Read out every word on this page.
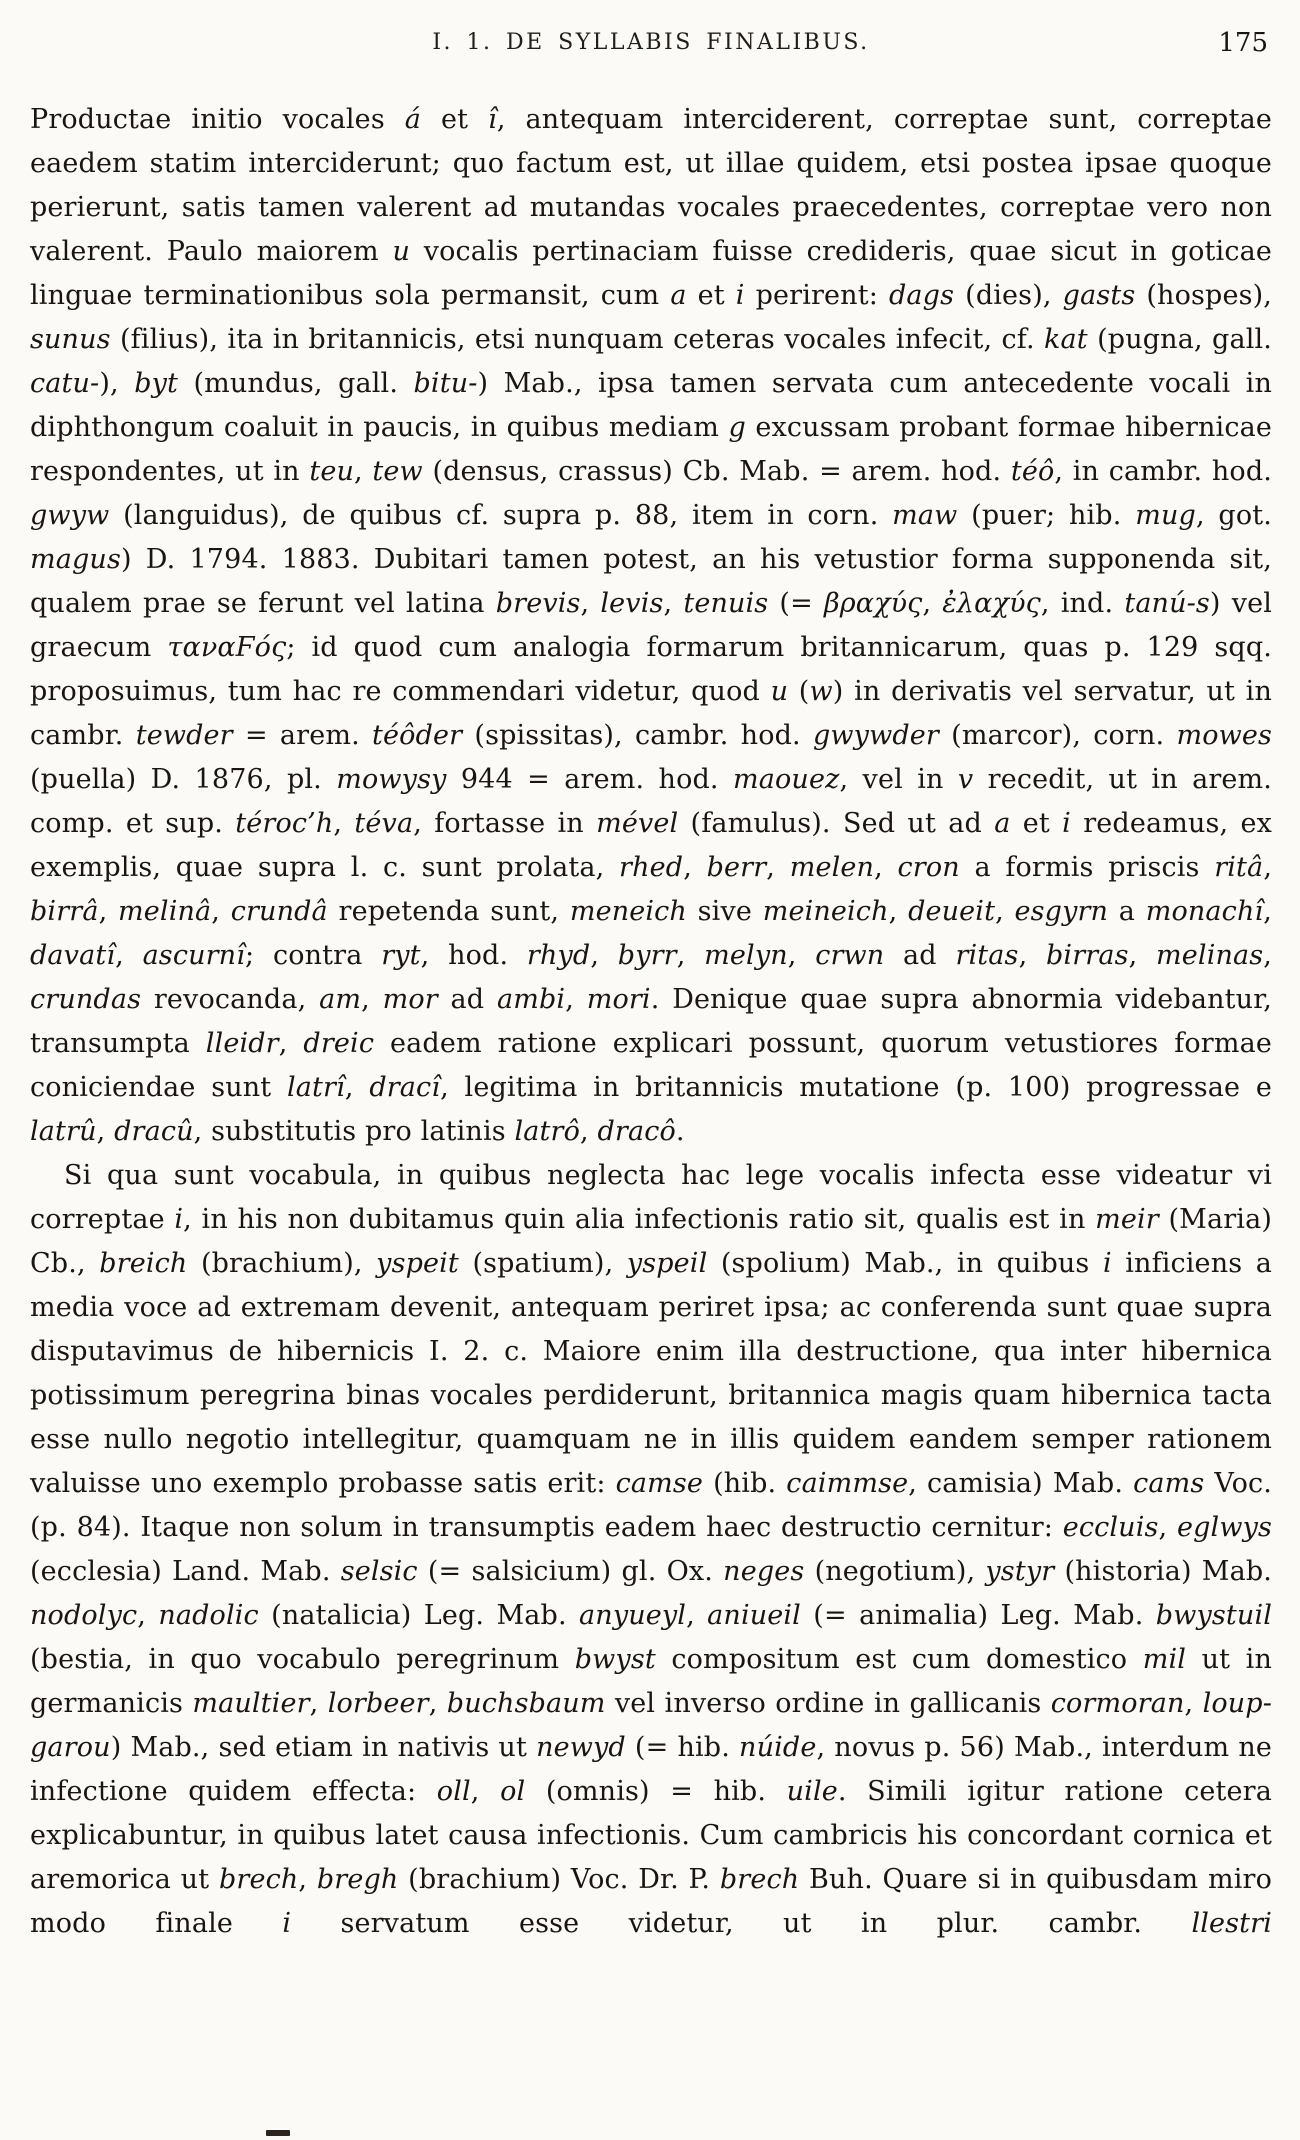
I. 1. DE SYLLABIS FINALIBUS.	175

Productae initio vocales á et î, antequam interciderent, correptae sunt, correptae eaedem statim interciderunt; quo factum est, ut illae quidem, etsi postea ipsae quoque perierunt, satis tamen valerent ad mutandas vocales praecedentes, correptae vero non valerent. Paulo maiorem u vocalis pertinaciam fuisse credideris, quae sicut in goticae linguae terminationibus sola permansit, cum a et i perirent: dags (dies), gasts (hospes), sunus (filius), ita in britannicis, etsi nunquam ceteras vocales infecit, cf. kat (pugna, gall. catu-), byt (mundus, gall. bitu-) Mab., ipsa tamen servata cum antecedente vocali in diphthongum coaluit in paucis, in quibus mediam g excussam probant formae hibernicae respondentes, ut in teu, tew (densus, crassus) Cb. Mab. = arem. hod. téô, in cambr. hod. gwyw (languidus), de quibus cf. supra p. 88, item in corn. maw (puer; hib. mug, got. magus) D. 1794. 1883. Dubitari tamen potest, an his vetustior forma supponenda sit, qualem prae se ferunt vel latina brevis, levis, tenuis (= βραχύς, ἐλαχύς, ind. tanú-s) vel graecum ταναϜός; id quod cum analogia formarum britannicarum, quas p. 129 sqq. proposuimus, tum hac re commendari videtur, quod u (w) in derivatis vel servatur, ut in cambr. tewder = arem. téôder (spissitas), cambr. hod. gwywder (marcor), corn. mowes (puella) D. 1876, pl. mowysy 944 = arem. hod. maouez, vel in v recedit, ut in arem. comp. et sup. téroc’h, téva, fortasse in mével (famulus). Sed ut ad a et i redeamus, ex exemplis, quae supra l. c. sunt prolata, rhed, berr, melen, cron a formis priscis ritâ, birrâ, melinâ, crundâ repetenda sunt, meneich sive meineich, deueit, esgyrn a monachî, davatî, ascurnî; contra ryt, hod. rhyd, byrr, melyn, crwn ad ritas, birras, melinas, crundas revocanda, am, mor ad ambi, mori. Denique quae supra abnormia videbantur, transumpta lleidr, dreic eadem ratione explicari possunt, quorum vetustiores formae coniciendae sunt latrî, dracî, legitima in britannicis mutatione (p. 100) progressae e latrû, dracû, substitutis pro latinis latrô, dracô.

Si qua sunt vocabula, in quibus neglecta hac lege vocalis infecta esse videatur vi correptae i, in his non dubitamus quin alia infectionis ratio sit, qualis est in meir (Maria) Cb., breich (brachium), yspeit (spatium), yspeil (spolium) Mab., in quibus i inficiens a media voce ad extremam devenit, antequam periret ipsa; ac conferenda sunt quae supra disputavimus de hibernicis I. 2. c. Maiore enim illa destructione, qua inter hibernica potissimum peregrina binas vocales perdiderunt, britannica magis quam hibernica tacta esse nullo negotio intellegitur, quamquam ne in illis quidem eandem semper rationem valuisse uno exemplo probasse satis erit: camse (hib. caimmse, camisia) Mab. cams Voc. (p. 84). Itaque non solum in transumptis eadem haec destructio cernitur: eccluis, eglwys (ecclesia) Land. Mab. selsic (= salsicium) gl. Ox. neges (negotium), ystyr (historia) Mab. nodolyc, nadolic (natalicia) Leg. Mab. anyueyl, aniueil (= animalia) Leg. Mab. bwystuil (bestia, in quo vocabulo peregrinum bwyst compositum est cum domestico mil ut in germanicis maultier, lorbeer, buchsbaum vel inverso ordine in gallicanis cormoran, loup-garou) Mab., sed etiam in nativis ut newyd (= hib. núide, novus p. 56) Mab., interdum ne infectione quidem effecta: oll, ol (omnis) = hib. uile. Simili igitur ratione cetera explicabuntur, in quibus latet causa infectionis. Cum cambricis his concordant cornica et aremorica ut brech, bregh (brachium) Voc. Dr. P. brech Buh. Quare si in quibusdam miro modo finale i servatum esse videtur, ut in plur. cambr. llestri
